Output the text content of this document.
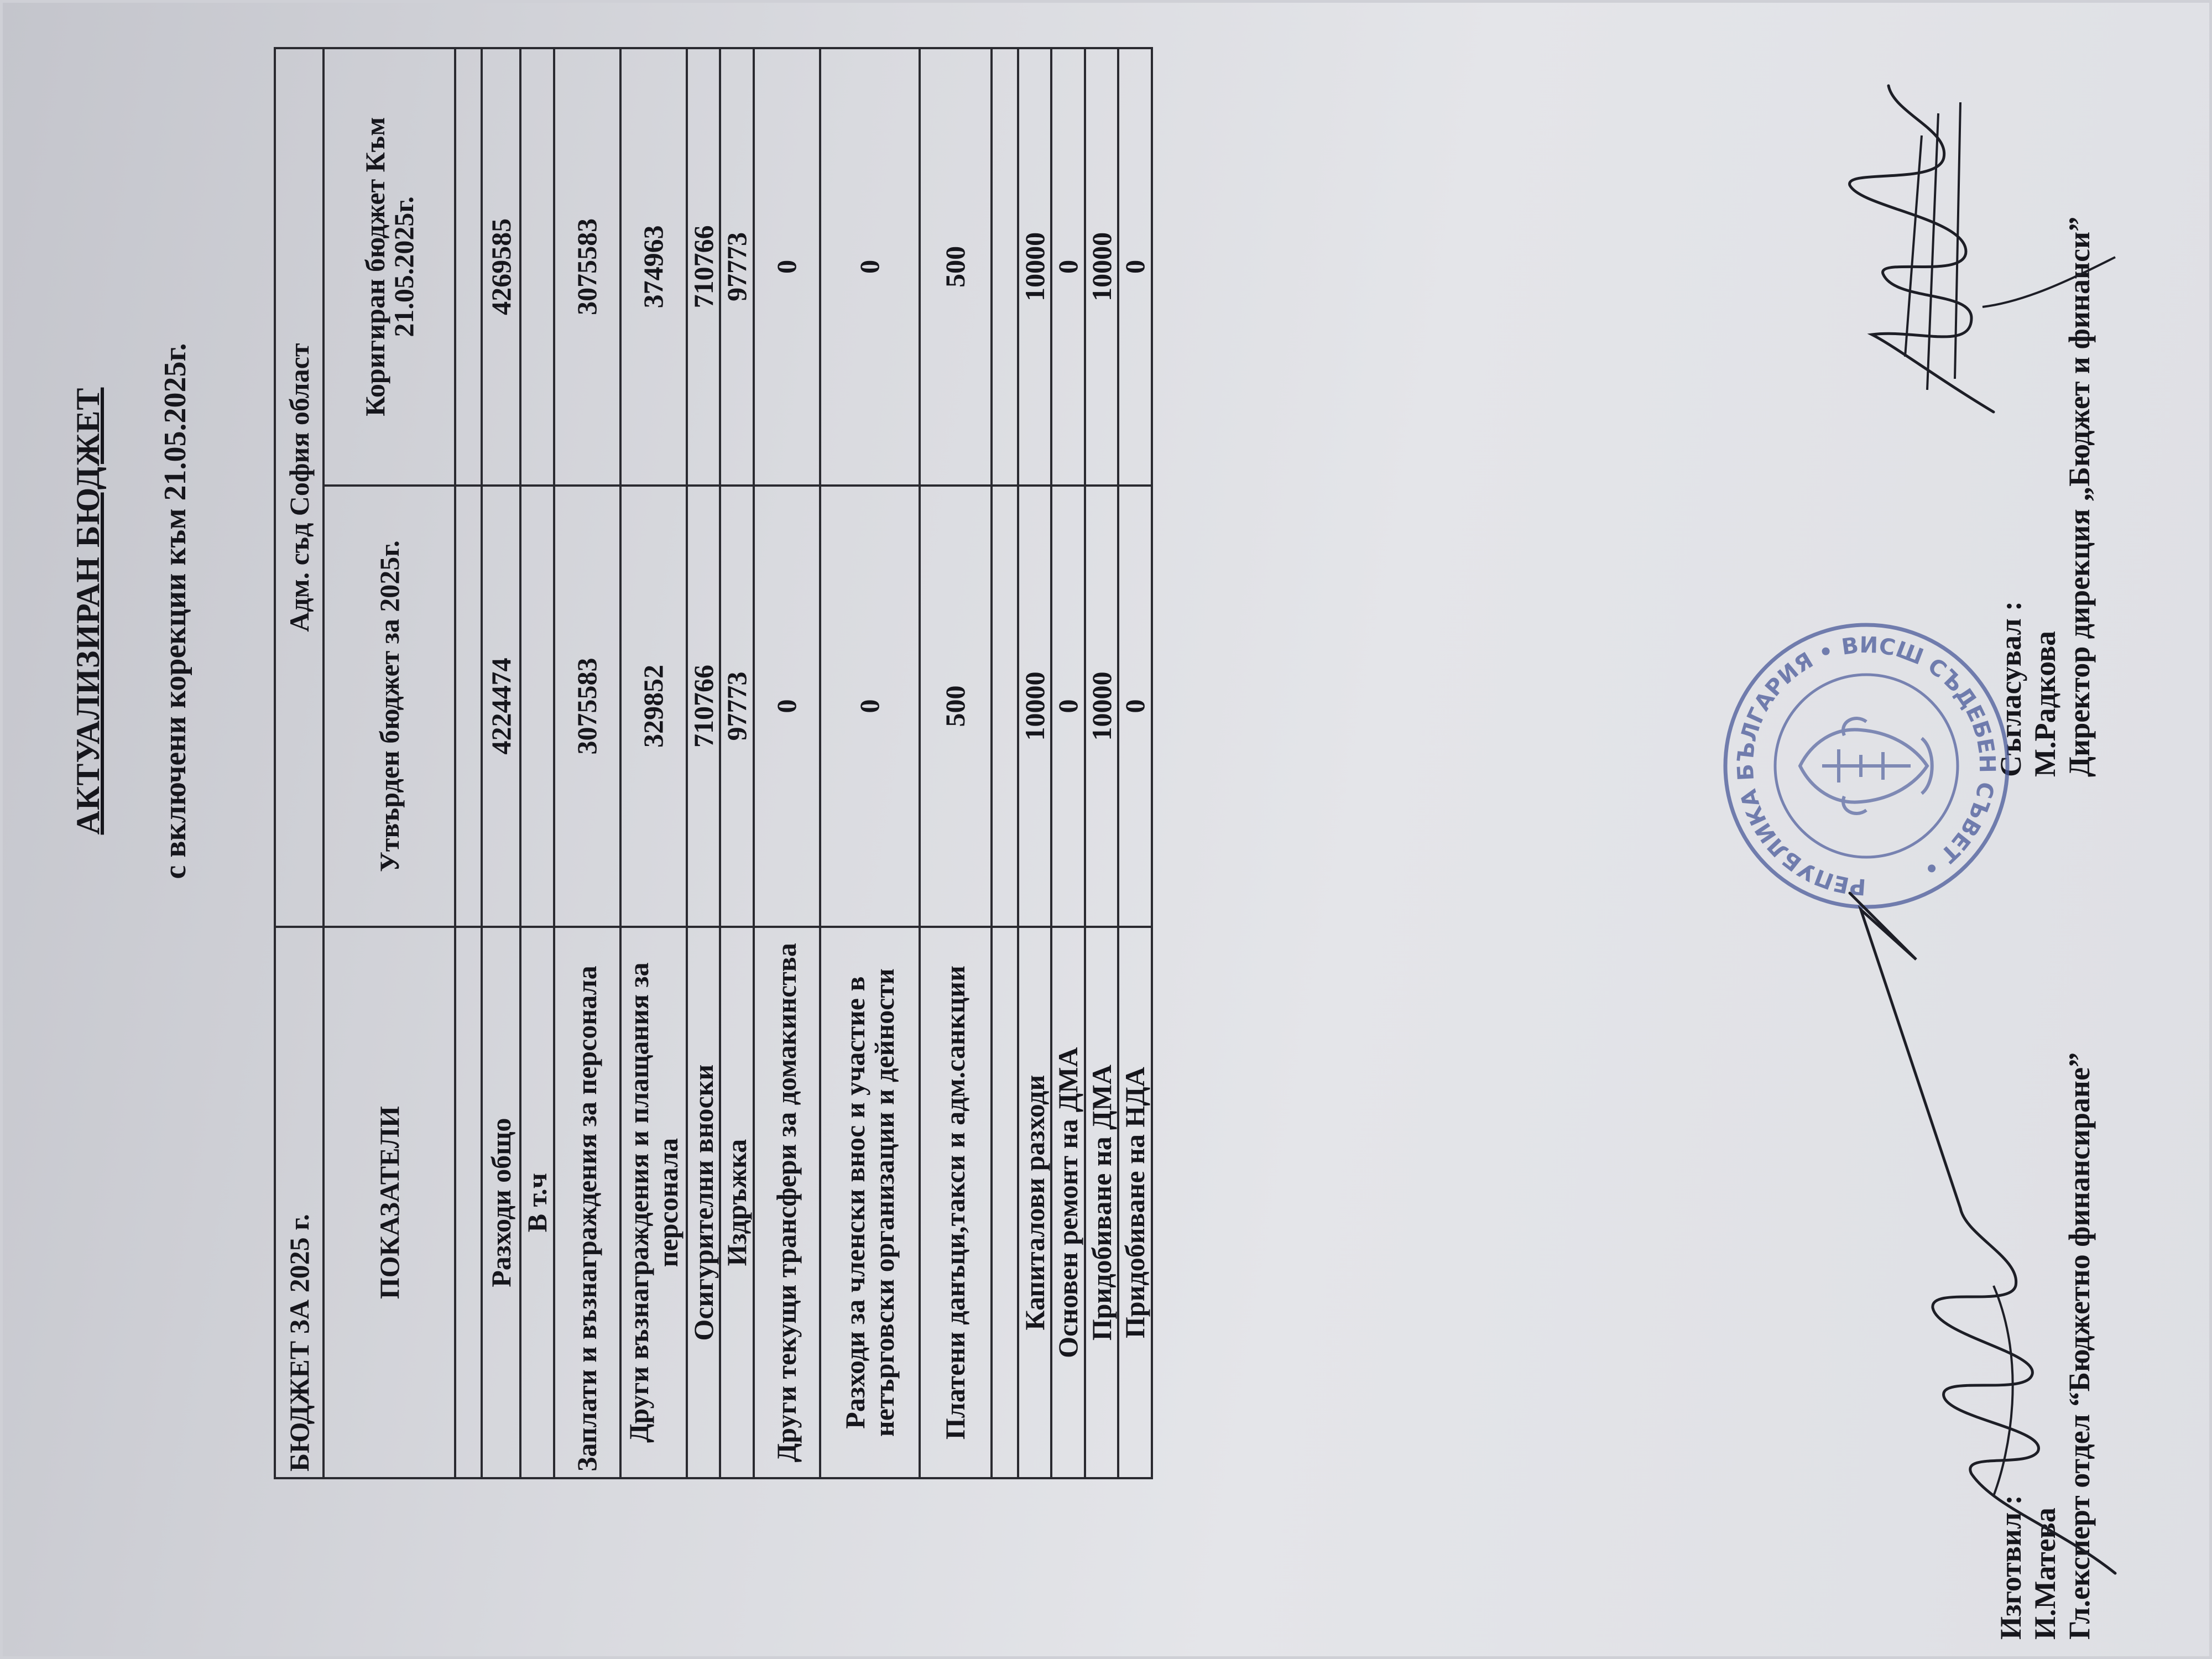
АКТУАЛИЗИРАН БЮДЖЕТ с включени корекции към 21.05.2025г.
БЮДЖЕТ ЗА 2025 г.	Адм. съд София област	
ПОКАЗАТЕЛИ	Утвърден бюджет за 2025г.	Коригиран бюджет Към 21.05.2025г.

Разходи общо	4224474	4269585
В т.ч		
Заплати и възнаграждения за персонала	3075583	3075583
Други възнаграждения и плащания за персонала	329852	374963
Осигурителни вноски	710766	710766
Издръжка	97773	97773
Други текущи трансфери за домакинства	0	0
Разходи за членски внос и участие в нетърговски организации и дейности	0	0
Платени данъци,такси и адм.санкции	500	500

Капиталови разходи	10000	10000
Основен ремонт на ДМА	0	0
Придобиване на ДМА	10000	10000
Придобиване на НДА	0	0
Изготвил : И.Матева Гл.експерт отдел “Бюджетно финансиране”
Съгласувал : М.Радкова Директор дирекция „Бюджет и финанси”
РЕПУБЛИКА БЪЛГАРИЯ • ВИСШ СЪДЕБЕН СЪВЕТ •
